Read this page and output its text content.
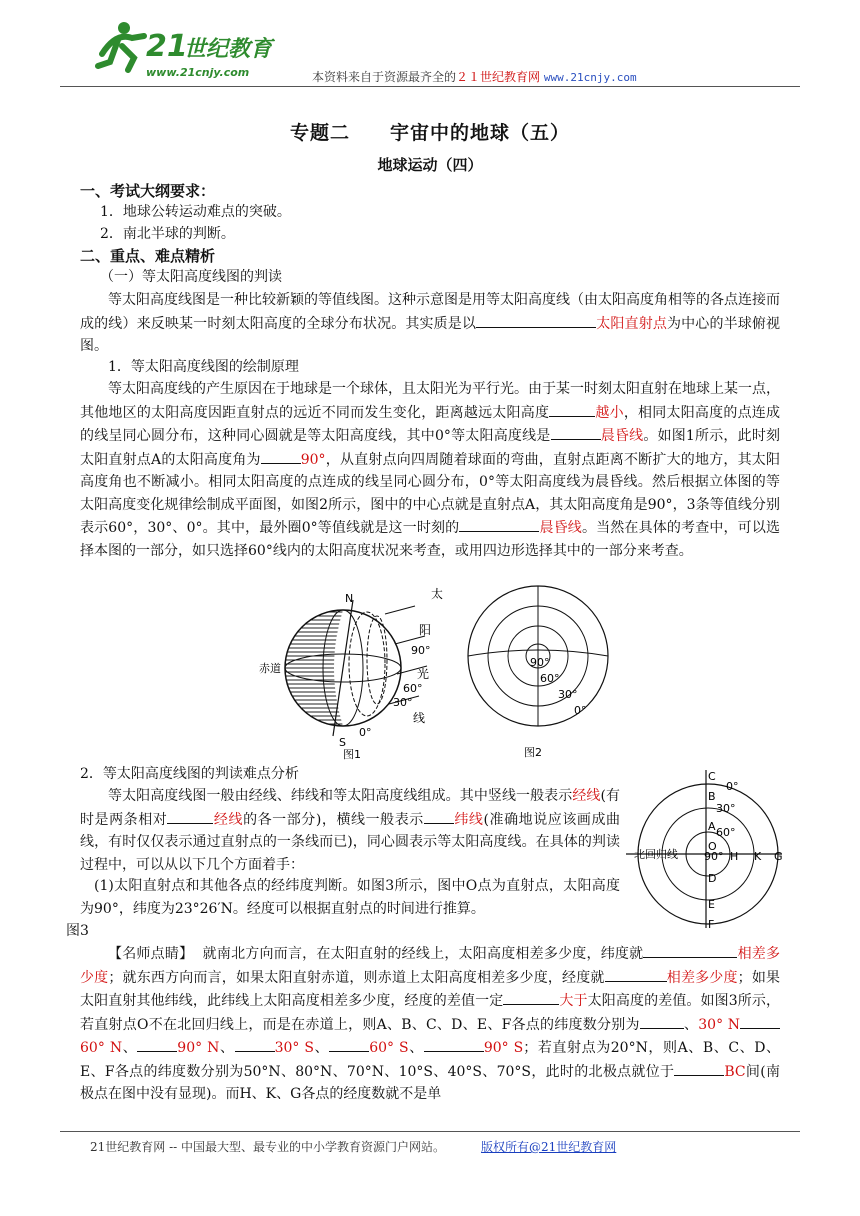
21
世纪教育
www.21cnjy.com	本资料来自于资源最齐全的２１世纪教育网 www.21cnjy.com
专题二　　宇宙中的地球（五）
地球运动（四）
一、考试大纲要求：
1．地球公转运动难点的突破。
2．南北半球的判断。
二、重点、难点精析
（一）等太阳高度线图的判读
等太阳高度线图是一种比较新颖的等值线图。这种示意图是用等太阳高度线（由太阳高度角相等的各点连接而成的线）来反映某一时刻太阳高度的全球分布状况。其实质是以	太阳直射点为中心的半球俯视图。
1．等太阳高度线图的绘制原理
等太阳高度线的产生原因在于地球是一个球体，且太阳光为平行光。由于某一时刻太阳直射在地球上某一点，其他地区的太阳高度因距直射点的远近不同而发生变化，距离越远太阳高度	越小，相同太阳高度的点连成的线呈同心圆分布，这种同心圆就是等太阳高度线，其中0°等太阳高度线是	晨昏线。如图1所示，此时刻太阳直射点A的太阳高度角为	90°，从直射点向四周随着球面的弯曲，直射点距离不断扩大的地方，其太阳高度角也不断减小。相同太阳高度的点连成的线呈同心圆分布，0°等太阳高度线为晨昏线。然后根据立体图的等太阳高度变化规律绘制成平面图，如图2所示，图中的中心点就是直射点A，其太阳高度角是90°，3条等值线分别表示60°，30°、0°。其中，最外圈0°等值线就是这一时刻的	晨昏线。当然在具体的考查中，可以选择本图的一部分，如只选择60°线内的太阳高度状况来考查，或用四边形选择其中的一部分来考查。
N
S
赤道
90°
60°
30°
0°
太
阳
光
线
图1
90°
60°
30°
0°
图2
2．等太阳高度线图的判读难点分析
等太阳高度线图一般由经线、纬线和等太阳高度线组成。其中竖线一般表示经线(有时是两条相对	经线的各一部分)，横线一般表示 纬线(准确地说应该画成曲线，有时仅仅表示通过直射点的一条线而已)，同心圆表示等太阳高度线。在具体的判读过程中，可以从以下几个方面着手：
(1)太阳直射点和其他各点的经纬度判断。如图3所示，图中O点为直射点，太阳高度为90°，纬度为23°26′N。经度可以根据直射点的时间进行推算。
图3
C
B
A
O
H K G
D
E
F
北回归线 90°
60°
30°
0°
【名师点睛】 就南北方向而言，在太阳直射的经线上，太阳高度相差多少度，纬度就	相差多少度；就东西方向而言，如果太阳直射赤道，则赤道上太阳高度相差多少度，经度就	相差多少度；如果太阳直射其他纬线，此纬线上太阳高度相差多少度，经度的差值一定	大于太阳高度的差值。如图3所示，若直射点O不在北回归线上，而是在赤道上，则A、B、C、D、E、F各点的纬度数分别为	、30° N60° N、	90° N、	30° S、	60° S、	90° S；若直射点为20°N，则A、B、C、D、E、F各点的纬度数分别为50°N、80°N、70°N、10°S、40°S、70°S，此时的北极点就位于	BC间(南极点在图中没有显现)。而H、K、G各点的经度数就不是单
21世纪教育网 -- 中国最大型、最专业的中小学教育资源门户网站。	版权所有@21世纪教育网
